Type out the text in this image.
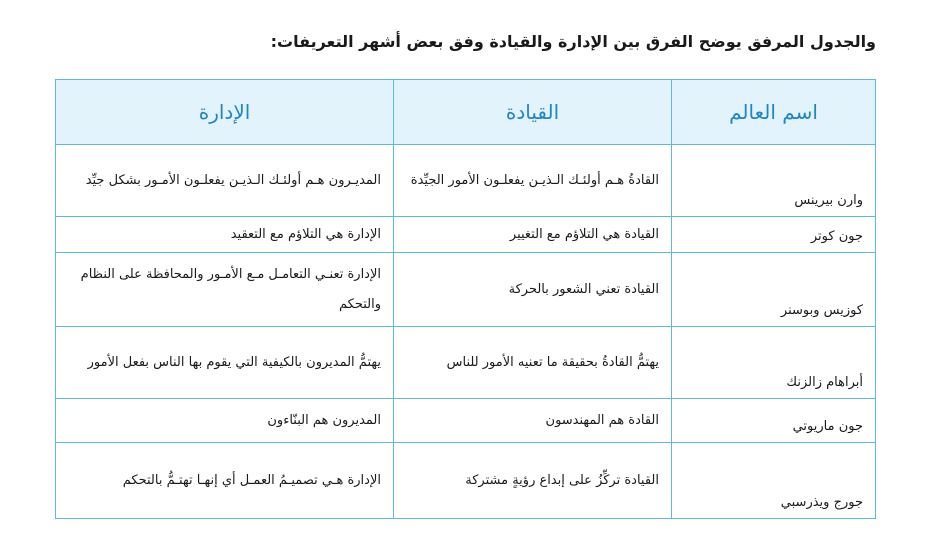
والجدول المرفق يوضح الفرق بين الإدارة والقيادة وفق بعض أشهر التعريفات:
اسم العالم	القيادة	الإدارة
وارن بيرينس	القادةُ هـم أولئـك الـذيـن يفعلـون الأمور الجيِّدة	المديـرون هـم أولئـك الـذيـن يفعلـون الأمـور بشكل جيِّد
جون كوتر	القيادة هي التلاؤم مع التغيير	الإدارة هي التلاؤم مع التعقيد
كوزيس وبوسنر	القيادة تعني الشعور بالحركة	الإدارة تعنـي التعامـل مـع الأمـور والمحافظة على النظام والتحكم
أبراهام زالزنك	يهتمُّ القادةُ بحقيقة ما تعنيه الأمور للناس	يهتمُّ المديرون بالكيفية التي يقوم بها الناس بفعل الأمور
جون ماريوتي	القادة هم المهندسون	المديرون هم البنّاءون
جورج ويذرسبي	القيادة تركِّزُ على إبداع رؤيةٍ مشتركة	الإدارة هـي تصميـمُ العمـل أي إنهـا تهتـمُّ بالتحكم
